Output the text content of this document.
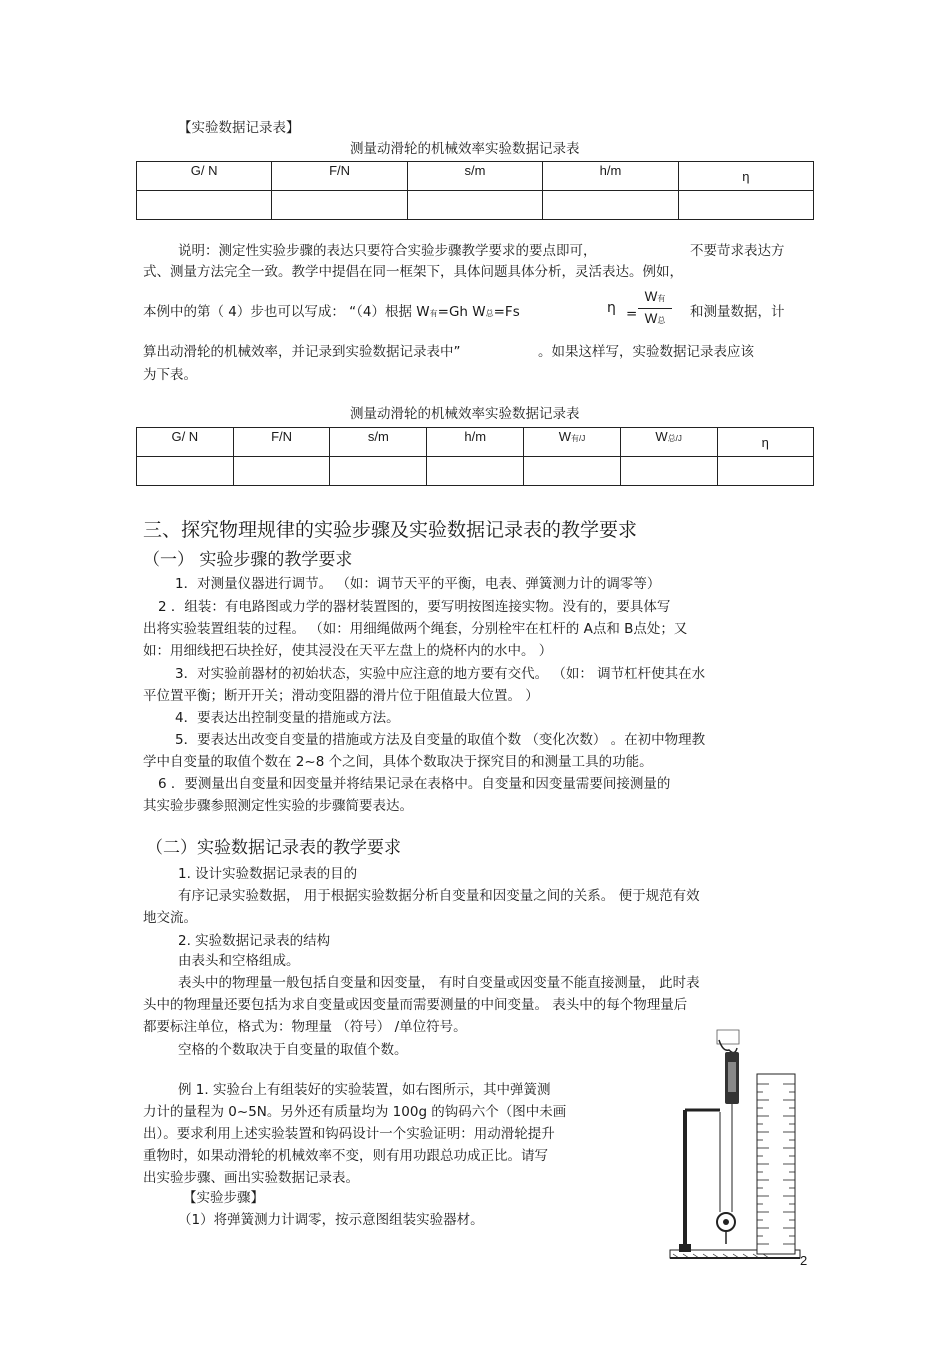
【实验数据记录表】
测量动滑轮的机械效率实验数据记录表
G/ N	F/N	s/m	h/m	η

说明：测定性实验步骤的表达只要符合实验步骤教学要求的要点即可，	不要苛求表达方
式、测量方法完全一致。教学中提倡在同一框架下，具体问题具体分析，灵活表达。例如，
本例中的第（ 4）步也可以写成： “（4）根据 W有=Gh W总=Fs	η =
W有
W总
和测量数据，计
算出动滑轮的机械效率，并记录到实验数据记录表中”	。如果这样写，实验数据记录表应该
为下表。
测量动滑轮的机械效率实验数据记录表
G/ N	F/N	s/m	h/m	W有/J	W总/J	η

三、探究物理规律的实验步骤及实验数据记录表的教学要求
（一） 实验步骤的教学要求
1．对测量仪器进行调节。 （如：调节天平的平衡，电表、弹簧测力计的调零等）
2 ．组装：有电路图或力学的器材装置图的，要写明按图连接实物。没有的，要具体写
出将实验装置组装的过程。 （如：用细绳做两个绳套，分别栓牢在杠杆的 A点和 B点处；又
如：用细线把石块拴好，使其浸没在天平左盘上的烧杯内的水中。 ）
3．对实验前器材的初始状态，实验中应注意的地方要有交代。 （如： 调节杠杆使其在水
平位置平衡；断开开关；滑动变阻器的滑片位于阻值最大位置。 ）
4．要表达出控制变量的措施或方法。
5．要表达出改变自变量的措施或方法及自变量的取值个数 （变化次数） 。在初中物理教
学中自变量的取值个数在 2~8 个之间，具体个数取决于探究目的和测量工具的功能。
6 ．要测量出自变量和因变量并将结果记录在表格中。自变量和因变量需要间接测量的
其实验步骤参照测定性实验的步骤简要表达。
（二）实验数据记录表的教学要求
1. 设计实验数据记录表的目的
有序记录实验数据， 用于根据实验数据分析自变量和因变量之间的关系。 便于规范有效
地交流。
2. 实验数据记录表的结构
由表头和空格组成。
表头中的物理量一般包括自变量和因变量， 有时自变量或因变量不能直接测量， 此时表
头中的物理量还要包括为求自变量或因变量而需要测量的中间变量。 表头中的每个物理量后
都要标注单位，格式为：物理量 （符号） /单位符号。
空格的个数取决于自变量的取值个数。
例 1. 实验台上有组装好的实验装置，如右图所示，其中弹簧测
力计的量程为 0~5N。另外还有质量均为 100g 的钩码六个（图中未画
出）。要求利用上述实验装置和钩码设计一个实验证明：用动滑轮提升
重物时，如果动滑轮的机械效率不变，则有用功跟总功成正比。请写
出实验步骤、画出实验数据记录表。
【实验步骤】
（1）将弹簧测力计调零，按示意图组装实验器材。
2
